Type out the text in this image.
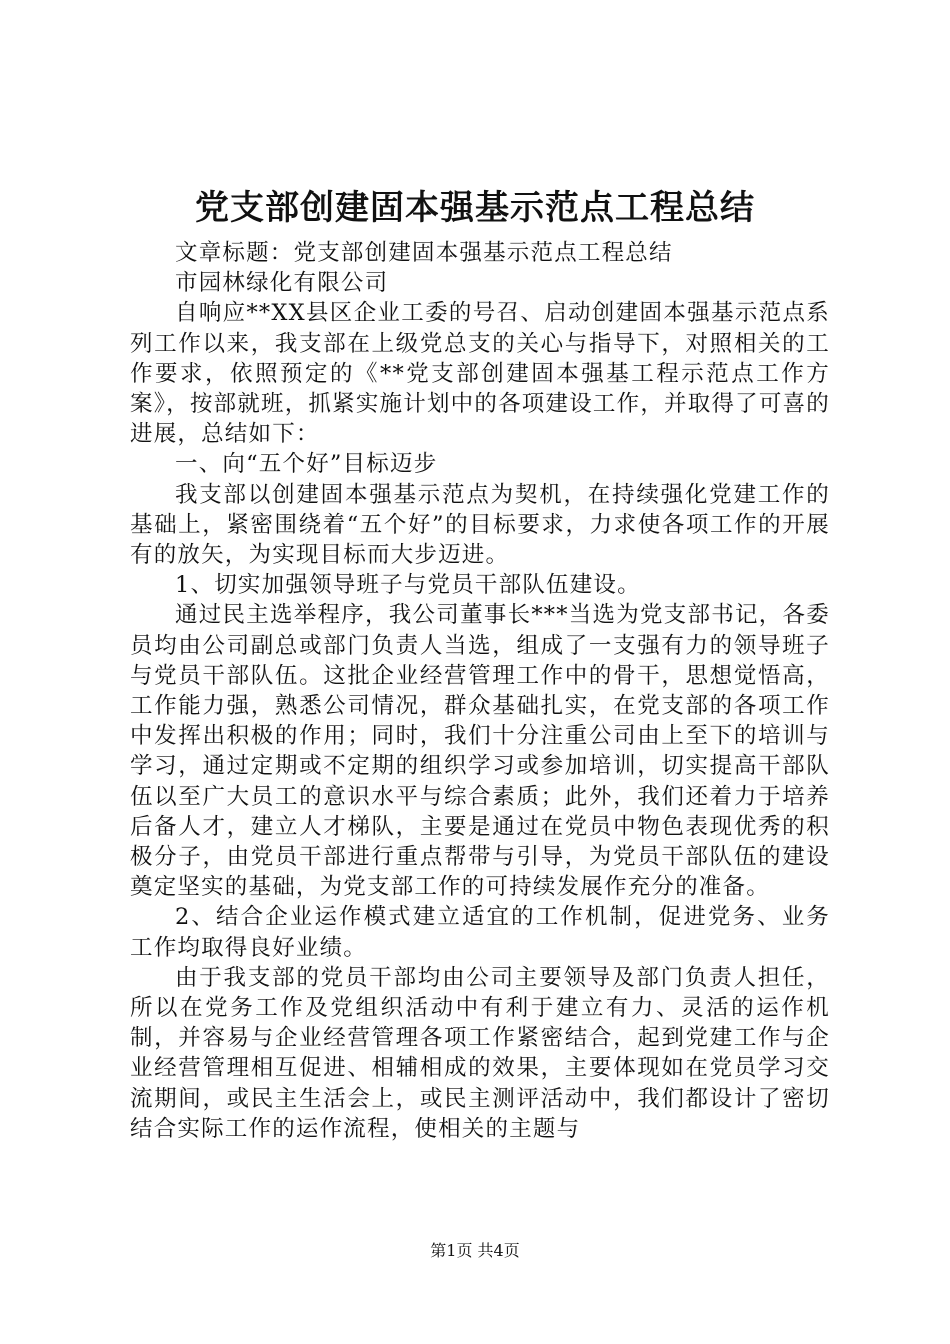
党支部创建固本强基示范点工程总结

文章标题：党支部创建固本强基示范点工程总结

市园林绿化有限公司

自响应**XX县区企业工委的号召、启动创建固本强基示范点系列工作以来，我支部在上级党总支的关心与指导下，对照相关的工作要求，依照预定的《**党支部创建固本强基工程示范点工作方案》，按部就班，抓紧实施计划中的各项建设工作，并取得了可喜的进展，总结如下：

一、向“五个好”目标迈步

我支部以创建固本强基示范点为契机，在持续强化党建工作的基础上，紧密围绕着“五个好”的目标要求，力求使各项工作的开展有的放矢，为实现目标而大步迈进。

1、切实加强领导班子与党员干部队伍建设。

通过民主选举程序，我公司董事长***当选为党支部书记，各委员均由公司副总或部门负责人当选，组成了一支强有力的领导班子与党员干部队伍。这批企业经营管理工作中的骨干，思想觉悟高，工作能力强，熟悉公司情况，群众基础扎实，在党支部的各项工作中发挥出积极的作用；同时，我们十分注重公司由上至下的培训与学习，通过定期或不定期的组织学习或参加培训，切实提高干部队伍以至广大员工的意识水平与综合素质；此外，我们还着力于培养后备人才，建立人才梯队，主要是通过在党员中物色表现优秀的积极分子，由党员干部进行重点帮带与引导，为党员干部队伍的建设奠定坚实的基础，为党支部工作的可持续发展作充分的准备。

2、结合企业运作模式建立适宜的工作机制，促进党务、业务工作均取得良好业绩。

由于我支部的党员干部均由公司主要领导及部门负责人担任，所以在党务工作及党组织活动中有利于建立有力、灵活的运作机制，并容易与企业经营管理各项工作紧密结合，起到党建工作与企业经营管理相互促进、相辅相成的效果，主要体现如在党员学习交流期间，或民主生活会上，或民主测评活动中，我们都设计了密切结合实际工作的运作流程，使相关的主题与

第1页 共4页
